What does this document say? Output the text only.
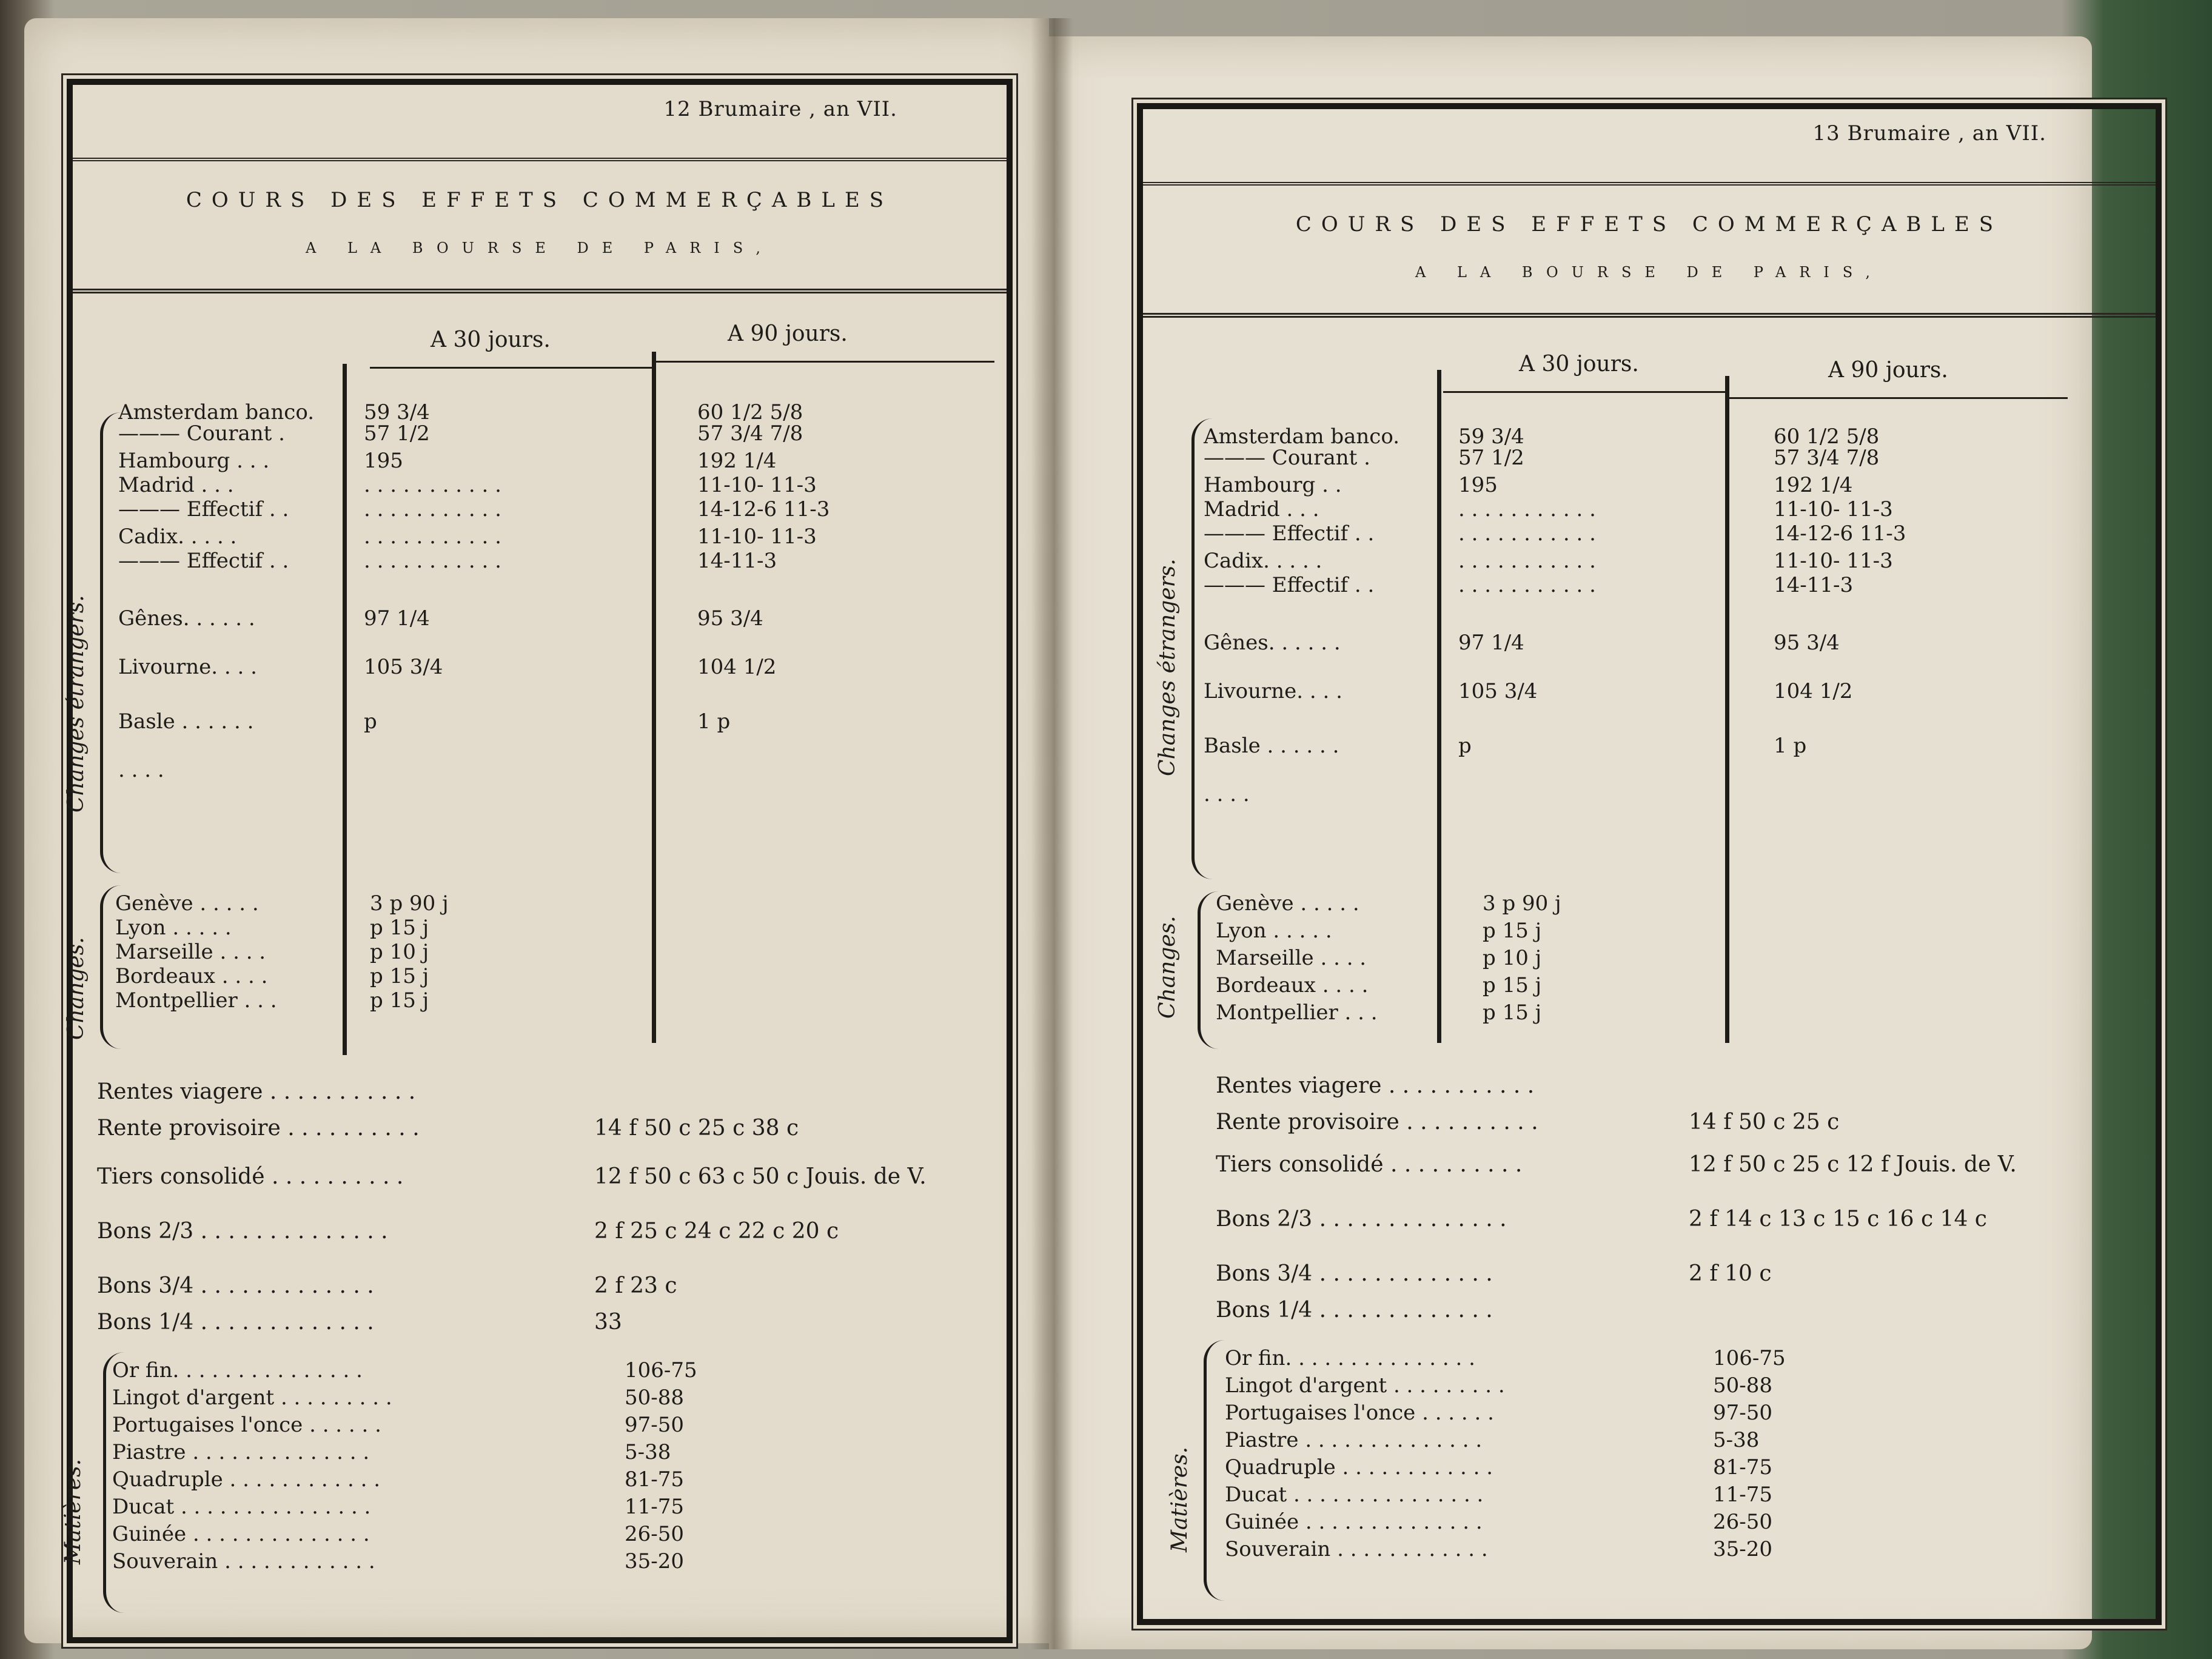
12 Brumaire , an VII.
COURS DES EFFETS COMMERÇABLES
A LA BOURSE DE PARIS,
A 30 jours.	A 90 jours.
Amsterdam banco. 59 3/4	60 1/2 5/8
——— Courant .	57 1/2	57 3/4 7/8
Hambourg . . .	195	192 1/4
Madrid . . .	. . . . . . . . . . .	11-10- 11-3
——— Effectif . .	. . . . . . . . . . .	14-12-6 11-3
Cadix. . . . .	. . . . . . . . . . .	11-10- 11-3
——— Effectif . .	. . . . . . . . . . .	14-11-3
Gênes. . . . . .	97 1/4	95 3/4
Livourne. . . .	105 3/4	104 1/2
Basle . . . . . .	p	1 p
. . . .
Changes étrangers.
Changes.
Genève . . . . .	3 p 90 j
Lyon . . . . .	p 15 j
Marseille . . . .	p 10 j
Bordeaux . . . .	p 15 j
Montpellier . . .	p 15 j
Rentes viagere . . . . . . . . . . .
Rente provisoire . . . . . . . . . .	14 f 50 c 25 c 38 c
Tiers consolidé . . . . . . . . . .	12 f 50 c 63 c 50 c Jouis. de V.
Bons 2/3 . . . . . . . . . . . . . .	2 f 25 c 24 c 22 c 20 c
Bons 3/4 . . . . . . . . . . . . .	2 f 23 c
Bons 1/4 . . . . . . . . . . . . .	33
Matières.
Or fin. . . . . . . . . . . . . . .	106-75
Lingot d'argent . . . . . . . . .	50-88
Portugaises l'once . . . . . .	97-50
Piastre . . . . . . . . . . . . . .	5-38
Quadruple . . . . . . . . . . . .	81-75
Ducat . . . . . . . . . . . . . . .	11-75
Guinée . . . . . . . . . . . . . .	26-50
Souverain . . . . . . . . . . . .	35-20
13 Brumaire , an VII.
COURS DES EFFETS COMMERÇABLES
A LA BOURSE DE PARIS,
A 30 jours.	A 90 jours.
Amsterdam banco.	59 3/4	60 1/2 5/8
——— Courant .	57 1/2	57 3/4 7/8
Hambourg . .	195	192 1/4
Madrid . . .	. . . . . . . . . . .	11-10- 11-3
——— Effectif . .	. . . . . . . . . . .	14-12-6 11-3
Cadix. . . . .	. . . . . . . . . . .	11-10- 11-3
——— Effectif . .	. . . . . . . . . . .	14-11-3
Gênes. . . . . .	97 1/4	95 3/4
Livourne. . . .	105 3/4	104 1/2
Basle . . . . . .	p	1 p
. . . .
Changes étrangers.
Changes.
Genève . . . . .	3 p 90 j
Lyon . . . . .	p 15 j
Marseille . . . .	p 10 j
Bordeaux . . . .	p 15 j
Montpellier . . .	p 15 j
Rentes viagere . . . . . . . . . . .
Rente provisoire . . . . . . . . . .	14 f 50 c 25 c
Tiers consolidé . . . . . . . . . .	12 f 50 c 25 c 12 f Jouis. de V.
Bons 2/3 . . . . . . . . . . . . . .	2 f 14 c 13 c 15 c 16 c 14 c
Bons 3/4 . . . . . . . . . . . . .	2 f 10 c
Bons 1/4 . . . . . . . . . . . . .
Matières.
Or fin. . . . . . . . . . . . . . .	106-75
Lingot d'argent . . . . . . . . .	50-88
Portugaises l'once . . . . . .	97-50
Piastre . . . . . . . . . . . . . .	5-38
Quadruple . . . . . . . . . . . .	81-75
Ducat . . . . . . . . . . . . . . .	11-75
Guinée . . . . . . . . . . . . . .	26-50
Souverain . . . . . . . . . . . .	35-20
